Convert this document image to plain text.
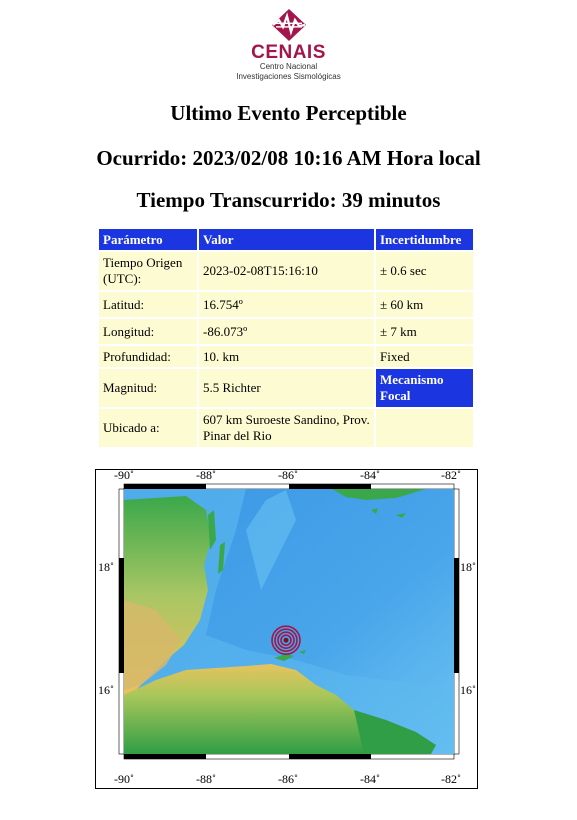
CENAIS
Centro Nacional
Investigaciones Sismológicas
Ultimo Evento Perceptible
Ocurrido: 2023/02/08 10:16 AM Hora local
Tiempo Transcurrido: 39 minutos
Parámetro	Valor	Incertidumbre
Tiempo Origen (UTC):	2023-02-08T15:16:10	± 0.6 sec
Latitud:	16.754º	± 60 km
Longitud:	-86.073º	± 7 km
Profundidad:	10. km	Fixed
Magnitud:	5.5 Richter	Mecanismo Focal
Ubicado a:	607 km Suroeste Sandino, Prov. Pinar del Rio	
-90˚	-88˚	-86˚	-84˚	-82˚
-90˚	-88˚	-86˚	-84˚	-82˚
18˚
16˚
18˚
16˚
